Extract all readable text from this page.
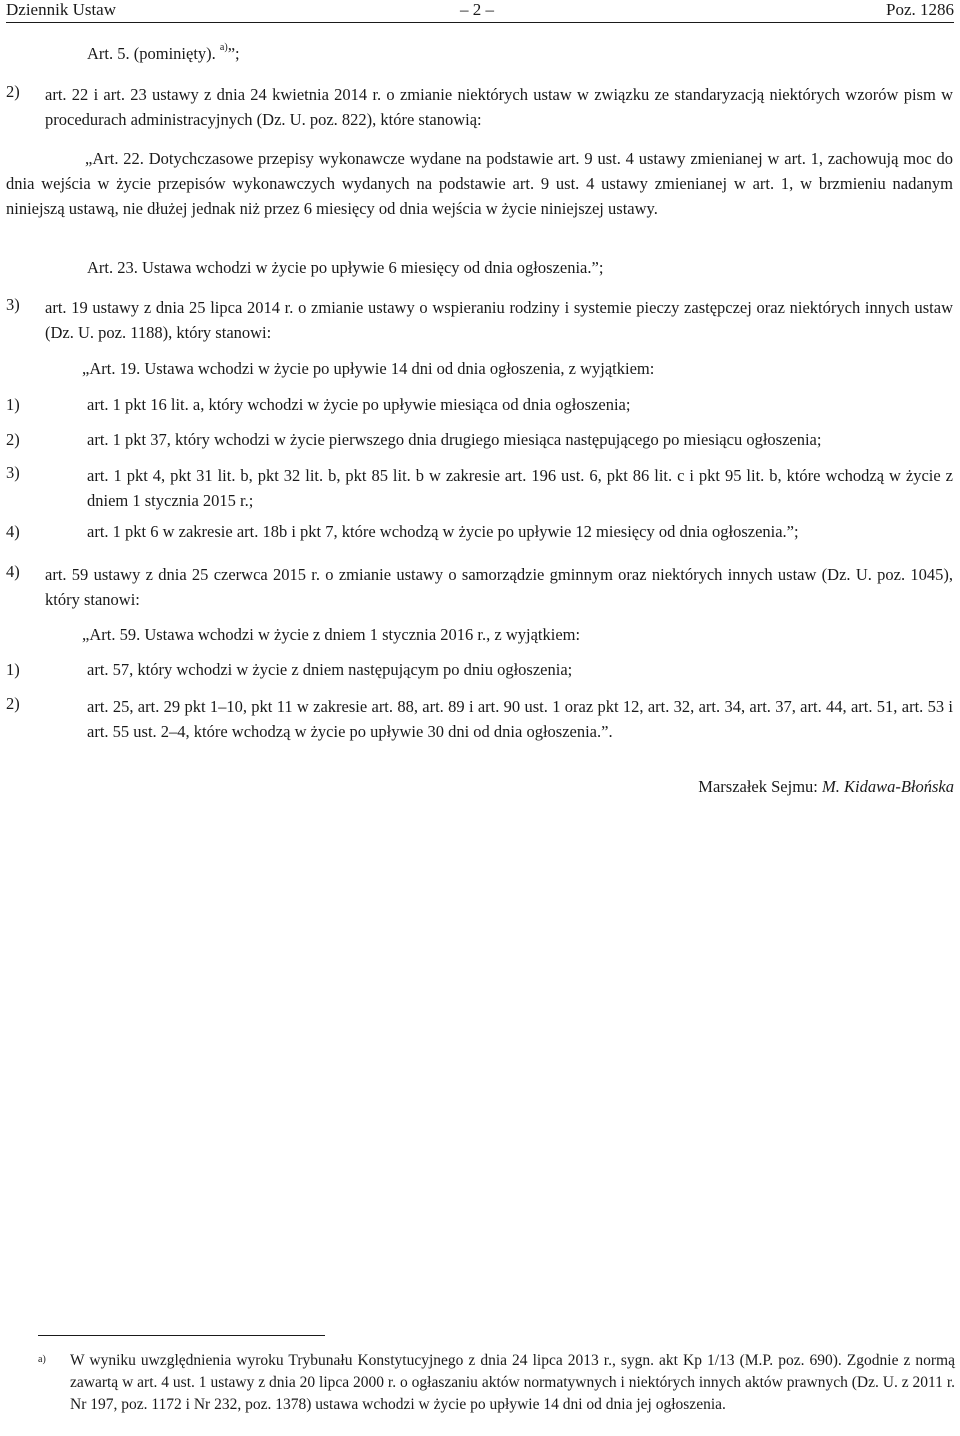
Dziennik Ustaw	– 2 –	Poz. 1286
Art. 5. (pominięty). $^{a)}$”;
2) art. 22 i art. 23 ustawy z dnia 24 kwietnia 2014 r. o zmianie niektórych ustaw w związku ze standaryzacją niektórych wzorów pism w procedurach administracyjnych (Dz. U. poz. 822), które stanowią:
„Art. 22. Dotychczasowe przepisy wykonawcze wydane na podstawie art. 9 ust. 4 ustawy zmienianej w art. 1, zachowują moc do dnia wejścia w życie przepisów wykonawczych wydanych na podstawie art. 9 ust. 4 ustawy zmienianej w art. 1, w brzmieniu nadanym niniejszą ustawą, nie dłużej jednak niż przez 6 miesięcy od dnia wejścia w życie niniejszej ustawy.
Art. 23. Ustawa wchodzi w życie po upływie 6 miesięcy od dnia ogłoszenia.”;
3) art. 19 ustawy z dnia 25 lipca 2014 r. o zmianie ustawy o wspieraniu rodziny i systemie pieczy zastępczej oraz niektórych innych ustaw (Dz. U. poz. 1188), który stanowi:
„Art. 19. Ustawa wchodzi w życie po upływie 14 dni od dnia ogłoszenia, z wyjątkiem:
1)	art. 1 pkt 16 lit. a, który wchodzi w życie po upływie miesiąca od dnia ogłoszenia;
2)	art. 1 pkt 37, który wchodzi w życie pierwszego dnia drugiego miesiąca następującego po miesiącu ogłoszenia;
3)	art. 1 pkt 4, pkt 31 lit. b, pkt 32 lit. b, pkt 85 lit. b w zakresie art. 196 ust. 6, pkt 86 lit. c i pkt 95 lit. b, które wchodzą w życie z dniem 1 stycznia 2015 r.;
4)	art. 1 pkt 6 w zakresie art. 18b i pkt 7, które wchodzą w życie po upływie 12 miesięcy od dnia ogłoszenia.”;
4) art. 59 ustawy z dnia 25 czerwca 2015 r. o zmianie ustawy o samorządzie gminnym oraz niektórych innych ustaw (Dz. U. poz. 1045), który stanowi:
„Art. 59. Ustawa wchodzi w życie z dniem 1 stycznia 2016 r., z wyjątkiem:
1)	art. 57, który wchodzi w życie z dniem następującym po dniu ogłoszenia;
2)	art. 25, art. 29 pkt 1–10, pkt 11 w zakresie art. 88, art. 89 i art. 90 ust. 1 oraz pkt 12, art. 32, art. 34, art. 37, art. 44, art. 51, art. 53 i art. 55 ust. 2–4, które wchodzą w życie po upływie 30 dni od dnia ogłoszenia.”.
Marszałek Sejmu: M. Kidawa-Błońska
a) W wyniku uwzględnienia wyroku Trybunału Konstytucyjnego z dnia 24 lipca 2013 r., sygn. akt Kp 1/13 (M.P. poz. 690). Zgodnie z normą zawartą w art. 4 ust. 1 ustawy z dnia 20 lipca 2000 r. o ogłaszaniu aktów normatywnych i niektórych innych aktów prawnych (Dz. U. z 2011 r. Nr 197, poz. 1172 i Nr 232, poz. 1378) ustawa wchodzi w życie po upływie 14 dni od dnia jej ogłoszenia.
